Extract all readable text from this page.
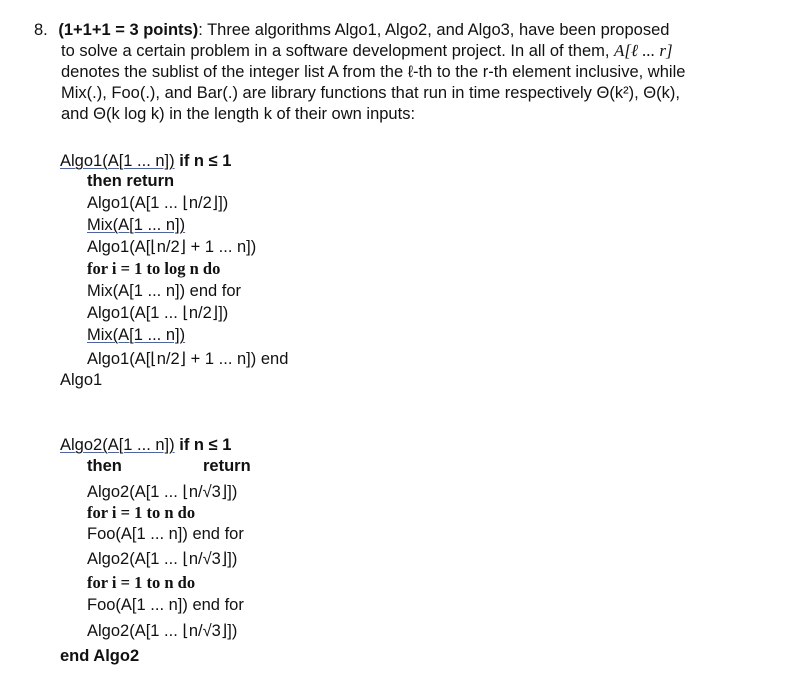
8. (1+1+1 = 3 points): Three algorithms Algo1, Algo2, and Algo3, have been proposed
to solve a certain problem in a software development project. In all of them, A[ℓ ... r]
denotes the sublist of the integer list A from the ℓ-th to the r-th element inclusive, while
Mix(.), Foo(.), and Bar(.) are library functions that run in time respectively Θ(k²), Θ(k),
and Θ(k log k) in the length k of their own inputs:
Algo1(A[1 ... n]) if n ≤ 1
then return
Algo1(A[1 ... ⌊n/2⌋])
Mix(A[1 ... n])
Algo1(A[⌊n/2⌋ + 1 ... n])
for i = 1 to log n do
Mix(A[1 ... n]) end for
Algo1(A[1 ... ⌊n/2⌋])
Mix(A[1 ... n])
Algo1(A[⌊n/2⌋ + 1 ... n]) end
Algo1
Algo2(A[1 ... n]) if n ≤ 1
then	return
Algo2(A[1 ... ⌊n/√3⌋])
for i = 1 to n do
Foo(A[1 ... n]) end for
Algo2(A[1 ... ⌊n/√3⌋])
for i = 1 to n do
Foo(A[1 ... n]) end for
Algo2(A[1 ... ⌊n/√3⌋])
end Algo2
